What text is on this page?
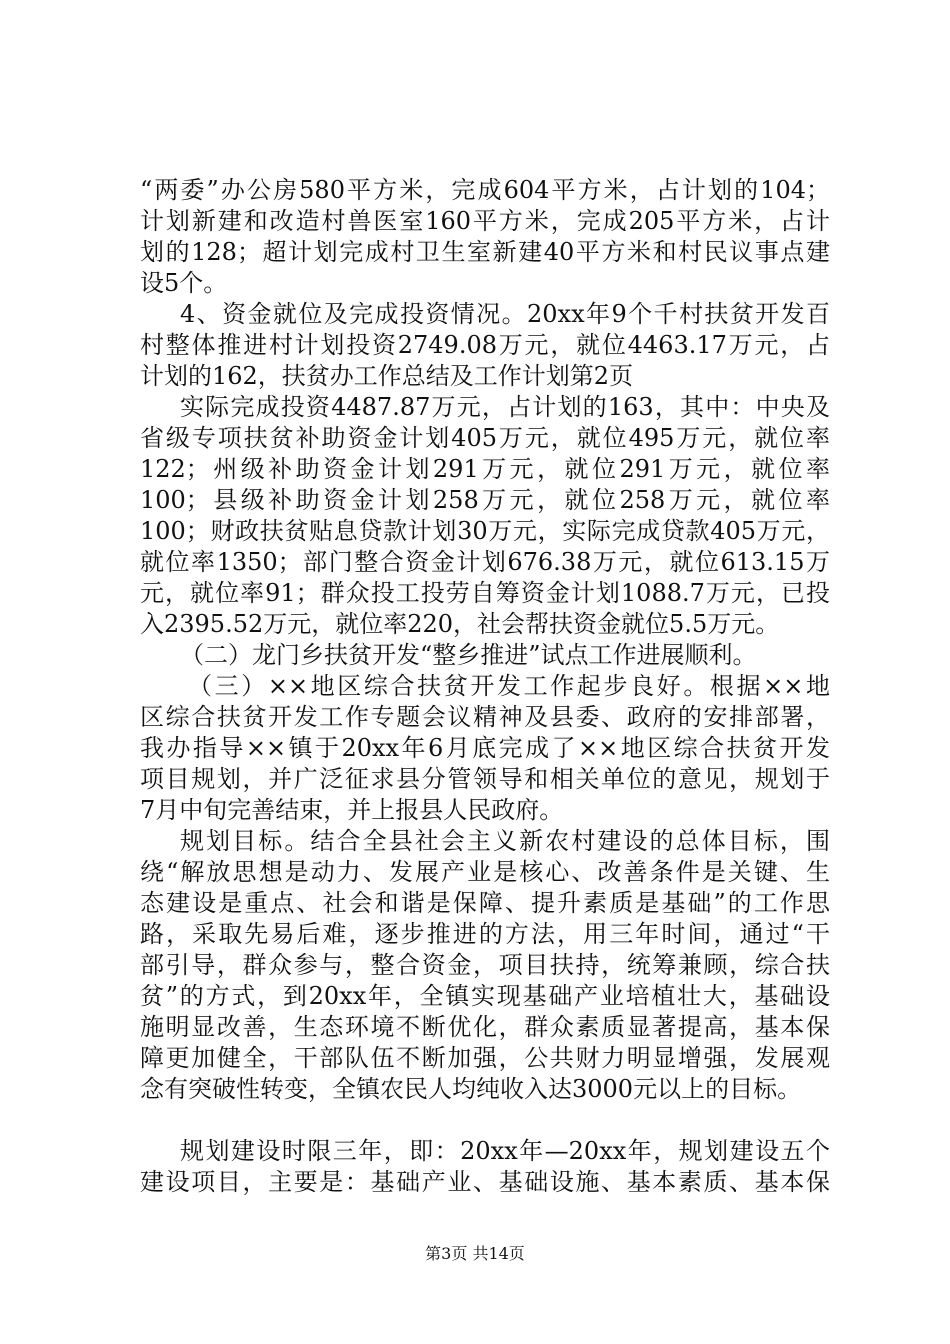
“两委”办公房580平方米，完成604平方米，占计划的104；
计划新建和改造村兽医室160平方米，完成205平方米，占计
划的128；超计划完成村卫生室新建40平方米和村民议事点建
设5个。
4、资金就位及完成投资情况。20xx年9个千村扶贫开发百
村整体推进村计划投资2749.08万元，就位4463.17万元，占
计划的162，扶贫办工作总结及工作计划第2页
实际完成投资4487.87万元，占计划的163，其中：中央及
省级专项扶贫补助资金计划405万元，就位495万元，就位率
122；州级补助资金计划291万元，就位291万元，就位率
100；县级补助资金计划258万元，就位258万元，就位率
100；财政扶贫贴息贷款计划30万元，实际完成贷款405万元，
就位率1350；部门整合资金计划676.38万元，就位613.15万
元，就位率91；群众投工投劳自筹资金计划1088.7万元，已投
入2395.52万元，就位率220，社会帮扶资金就位5.5万元。
（二）龙门乡扶贫开发“整乡推进”试点工作进展顺利。
（三）××地区综合扶贫开发工作起步良好。根据××地
区综合扶贫开发工作专题会议精神及县委、政府的安排部署，
我办指导××镇于20xx年6月底完成了××地区综合扶贫开发
项目规划，并广泛征求县分管领导和相关单位的意见，规划于
7月中旬完善结束，并上报县人民政府。
规划目标。结合全县社会主义新农村建设的总体目标，围
绕“解放思想是动力、发展产业是核心、改善条件是关键、生
态建设是重点、社会和谐是保障、提升素质是基础”的工作思
路，采取先易后难，逐步推进的方法，用三年时间，通过“干
部引导，群众参与，整合资金，项目扶持，统筹兼顾，综合扶
贫”的方式，到20xx年，全镇实现基础产业培植壮大，基础设
施明显改善，生态环境不断优化，群众素质显著提高，基本保
障更加健全，干部队伍不断加强，公共财力明显增强，发展观
念有突破性转变，全镇农民人均纯收入达3000元以上的目标。
规划建设时限三年，即：20xx年—20xx年，规划建设五个
建设项目，主要是：基础产业、基础设施、基本素质、基本保
第3页 共14页
